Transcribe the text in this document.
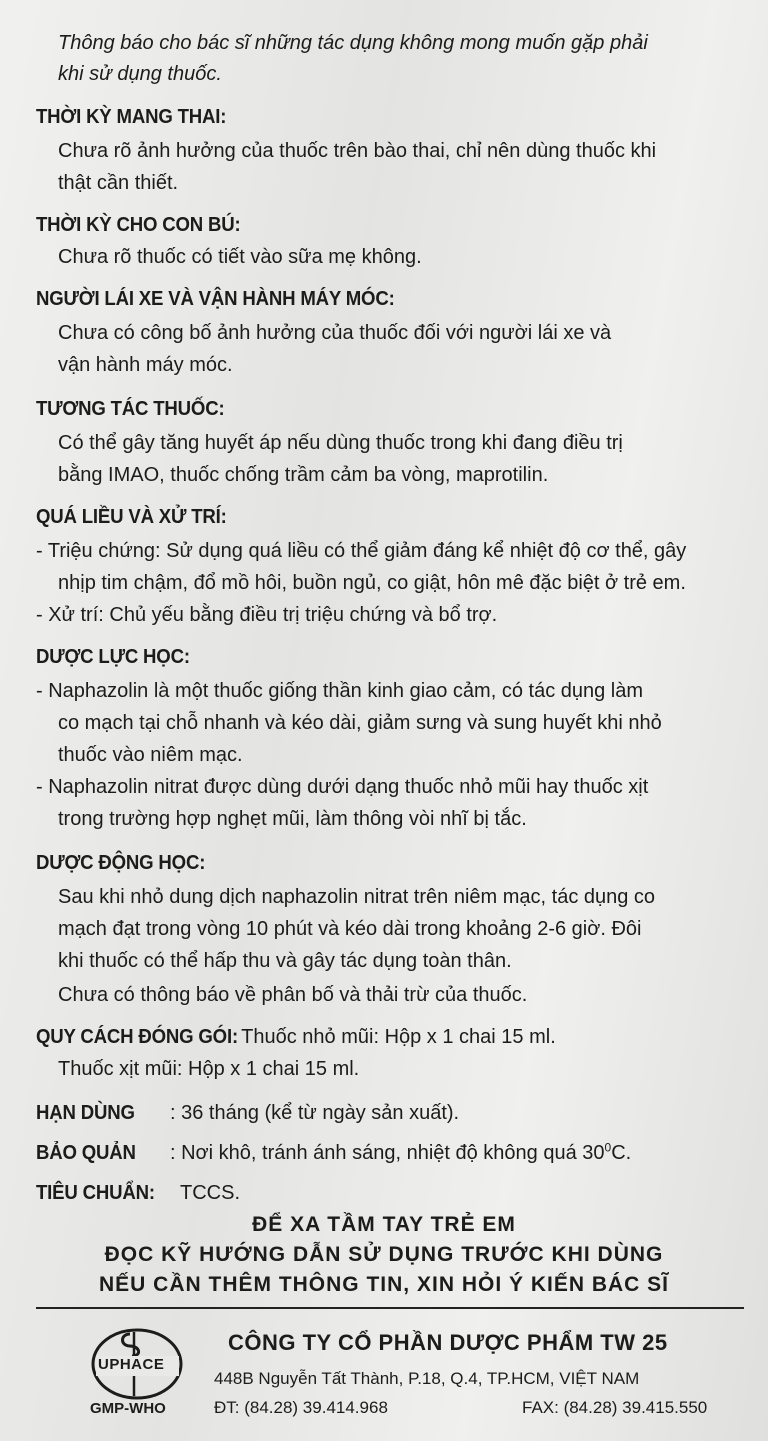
Thông báo cho bác sĩ những tác dụng không mong muốn gặp phải
khi sử dụng thuốc.
THỜI KỲ MANG THAI:
Chưa rõ ảnh hưởng của thuốc trên bào thai, chỉ nên dùng thuốc khi
thật cần thiết.
THỜI KỲ CHO CON BÚ:
Chưa rõ thuốc có tiết vào sữa mẹ không.
NGƯỜI LÁI XE VÀ VẬN HÀNH MÁY MÓC:
Chưa có công bố ảnh hưởng của thuốc đối với người lái xe và
vận hành máy móc.
TƯƠNG TÁC THUỐC:
Có thể gây tăng huyết áp nếu dùng thuốc trong khi đang điều trị
bằng IMAO, thuốc chống trầm cảm ba vòng, maprotilin.
QUÁ LIỀU VÀ XỬ TRÍ:
- Triệu chứng: Sử dụng quá liều có thể giảm đáng kể nhiệt độ cơ thể, gây
nhịp tim chậm, đổ mồ hôi, buồn ngủ, co giật, hôn mê đặc biệt ở trẻ em.
- Xử trí: Chủ yếu bằng điều trị triệu chứng và bổ trợ.
DƯỢC LỰC HỌC:
- Naphazolin là một thuốc giống thần kinh giao cảm, có tác dụng làm
co mạch tại chỗ nhanh và kéo dài, giảm sưng và sung huyết khi nhỏ
thuốc vào niêm mạc.
- Naphazolin nitrat được dùng dưới dạng thuốc nhỏ mũi hay thuốc xịt
trong trường hợp nghẹt mũi, làm thông vòi nhĩ bị tắc.
DƯỢC ĐỘNG HỌC:
Sau khi nhỏ dung dịch naphazolin nitrat trên niêm mạc, tác dụng co
mạch đạt trong vòng 10 phút và kéo dài trong khoảng 2-6 giờ. Đôi
khi thuốc có thể hấp thu và gây tác dụng toàn thân.
Chưa có thông báo về phân bố và thải trừ của thuốc.
QUY CÁCH ĐÓNG GÓI: Thuốc nhỏ mũi: Hộp x 1 chai 15 ml.
Thuốc xịt mũi: Hộp x 1 chai 15 ml.
HẠN DÙNG : 36 tháng (kể từ ngày sản xuất).
BẢO QUẢN : Nơi khô, tránh ánh sáng, nhiệt độ không quá $30^0C$.
TIÊU CHUẨN: TCCS.
ĐỂ XA TẦM TAY TRẺ EM
ĐỌC KỸ HƯỚNG DẪN SỬ DỤNG TRƯỚC KHI DÙNG
NẾU CẦN THÊM THÔNG TIN, XIN HỎI Ý KIẾN BÁC SĨ
UPHACE
GMP-WHO
CÔNG TY CỔ PHẦN DƯỢC PHẨM TW 25
448B Nguyễn Tất Thành, P.18, Q.4, TP.HCM, VIỆT NAM
ĐT: (84.28) 39.414.968	FAX: (84.28) 39.415.550
